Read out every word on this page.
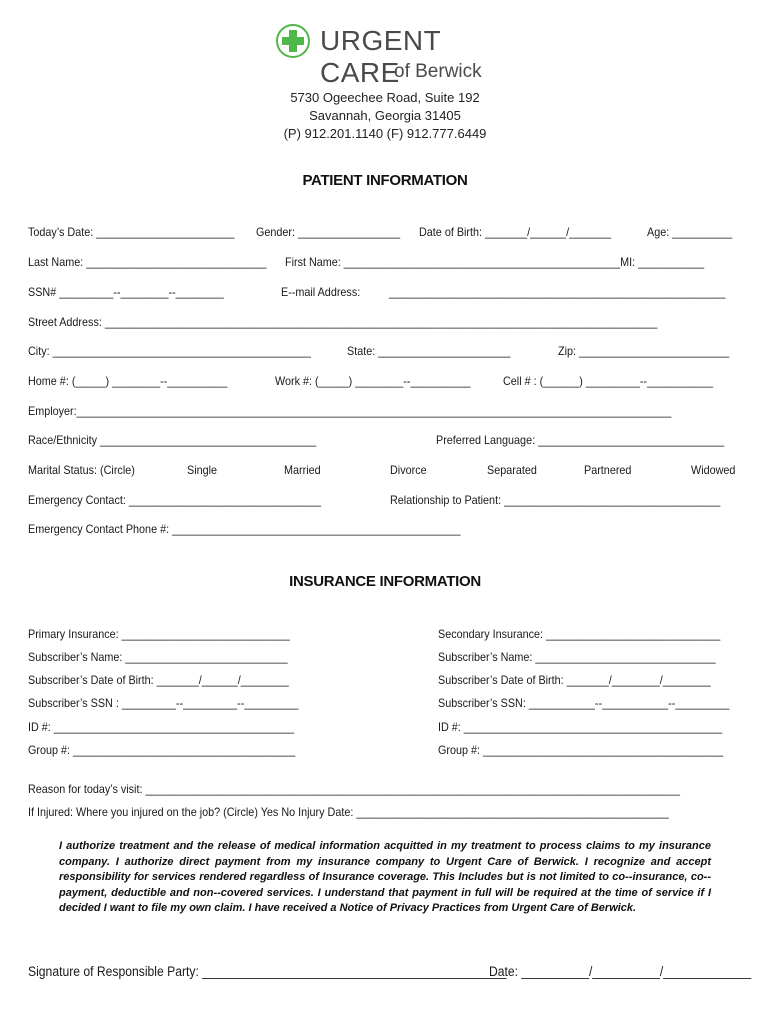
URGENT CARE
of Berwick
5730 Ogeechee Road, Suite 192
Savannah, Georgia 31405
(P) 912.201.1140 (F) 912.777.6449
PATIENT INFORMATION
Today’s Date: _______________________ Gender: _________________ Date of Birth: _______/______/_______	Age: __________
Last Name: ______________________________ First Name: ______________________________________________MI: ___________
SSN# _________--________--________	E--mail Address: ________________________________________________________
Street Address: ____________________________________________________________________________________________
City: ___________________________________________	State: ______________________	Zip: _________________________
Home #: (_____) ________--__________	Work #: (_____) ________--__________	Cell # : (______) _________--___________
Employer:___________________________________________________________________________________________________
Race/Ethnicity ____________________________________	Preferred Language: _______________________________
Marital Status: (Circle)	Single	Married	Divorce	Separated	Partnered	Widowed
Emergency Contact: ________________________________	Relationship to Patient: ____________________________________
Emergency Contact Phone #: ________________________________________________
INSURANCE INFORMATION
Primary Insurance: ____________________________
Subscriber’s Name: ___________________________
Subscriber’s Date of Birth: _______/______/________
Subscriber’s SSN : _________--_________--_________
ID #: ________________________________________
Group #: _____________________________________
Secondary Insurance: _____________________________
Subscriber’s Name: ______________________________
Subscriber’s Date of Birth: _______/________/________
Subscriber’s SSN: ___________--___________--_________
ID #: ___________________________________________
Group #: ________________________________________
Reason for today’s visit: _________________________________________________________________________________________
If Injured: Where you injured on the job? (Circle) Yes No Injury Date: ____________________________________________________

I authorize treatment and the release of medical information acquitted in my treatment to process claims to my insurance company. I authorize direct payment from my insurance company to Urgent Care of Berwick. I recognize and accept responsibility for services rendered regardless of Insurance coverage. This Includes but is not limited to co--insurance, co--payment, deductible and non--covered services. I understand that payment in full will be required at the time of service if I decided I want to file my own claim. I have received a Notice of Privacy Practices from Urgent Care of Berwick.

Signature of Responsible Party: _____________________________________________
Date: __________/__________/_____________
